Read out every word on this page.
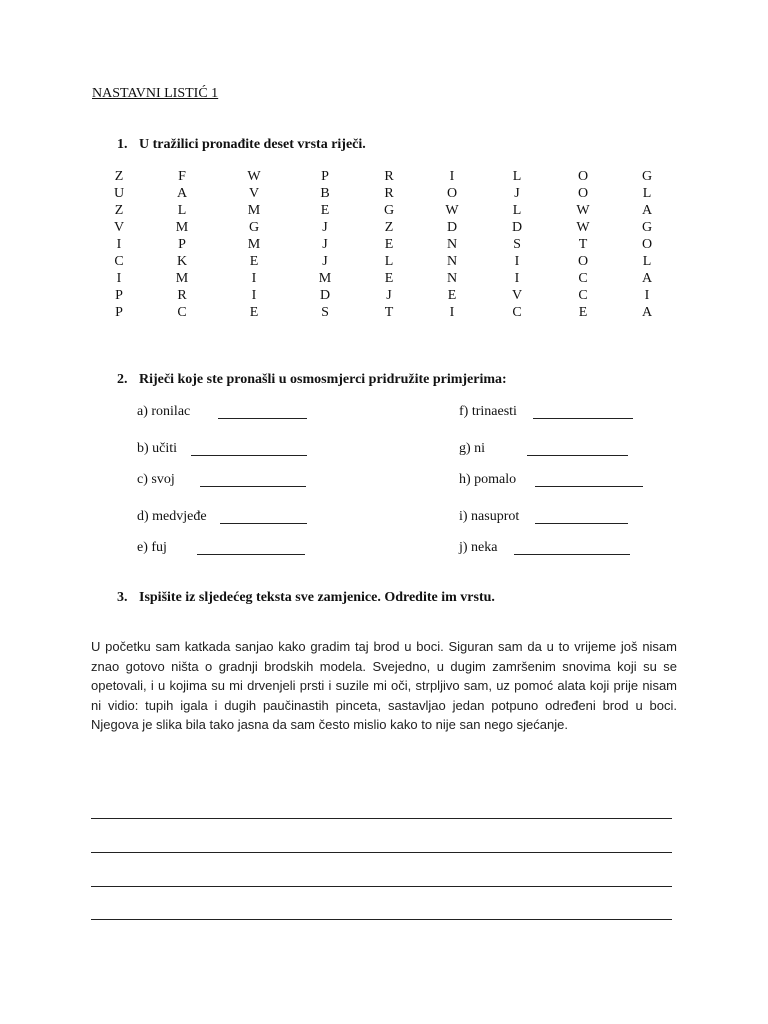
NASTAVNI LISTIĆ 1
1. U tražilici pronađite deset vrsta riječi.
Z	F	W	P	R	I	L	O	G
U	A	V	B	R	O	J	O	L
Z	L	M	E	G	W	L	W	A
V	M	G	J	Z	D	D	W	G
I	P	M	J	E	N	S	T	O
C	K	E	J	L	N	I	O	L
I	M	I	M	E	N	I	C	A
P	R	I	D	J	E	V	C	I
P	C	E	S	T	I	C	E	A
2. Riječi koje ste pronašli u osmosmjerci pridružite primjerima:
a) ronilac
b) učiti
c) svoj
d) medvjeđe
e) fuj
f) trinaesti
g) ni
h) pomalo
i) nasuprot
j) neka
3. Ispišite iz sljedećeg teksta sve zamjenice. Odredite im vrstu.
U početku sam katkada sanjao kako gradim taj brod u boci. Siguran sam da u to vrijeme još nisam znao gotovo ništa o gradnji brodskih modela. Svejedno, u dugim zamršenim snovima koji su se opetovali, i u kojima su mi drvenjeli prsti i suzile mi oči, strpljivo sam, uz pomoć alata koji prije nisam ni vidio: tupih igala i dugih paučinastih pinceta, sastavljao jedan potpuno određeni brod u boci. Njegova je slika bila tako jasna da sam često mislio kako to nije san nego sjećanje.
